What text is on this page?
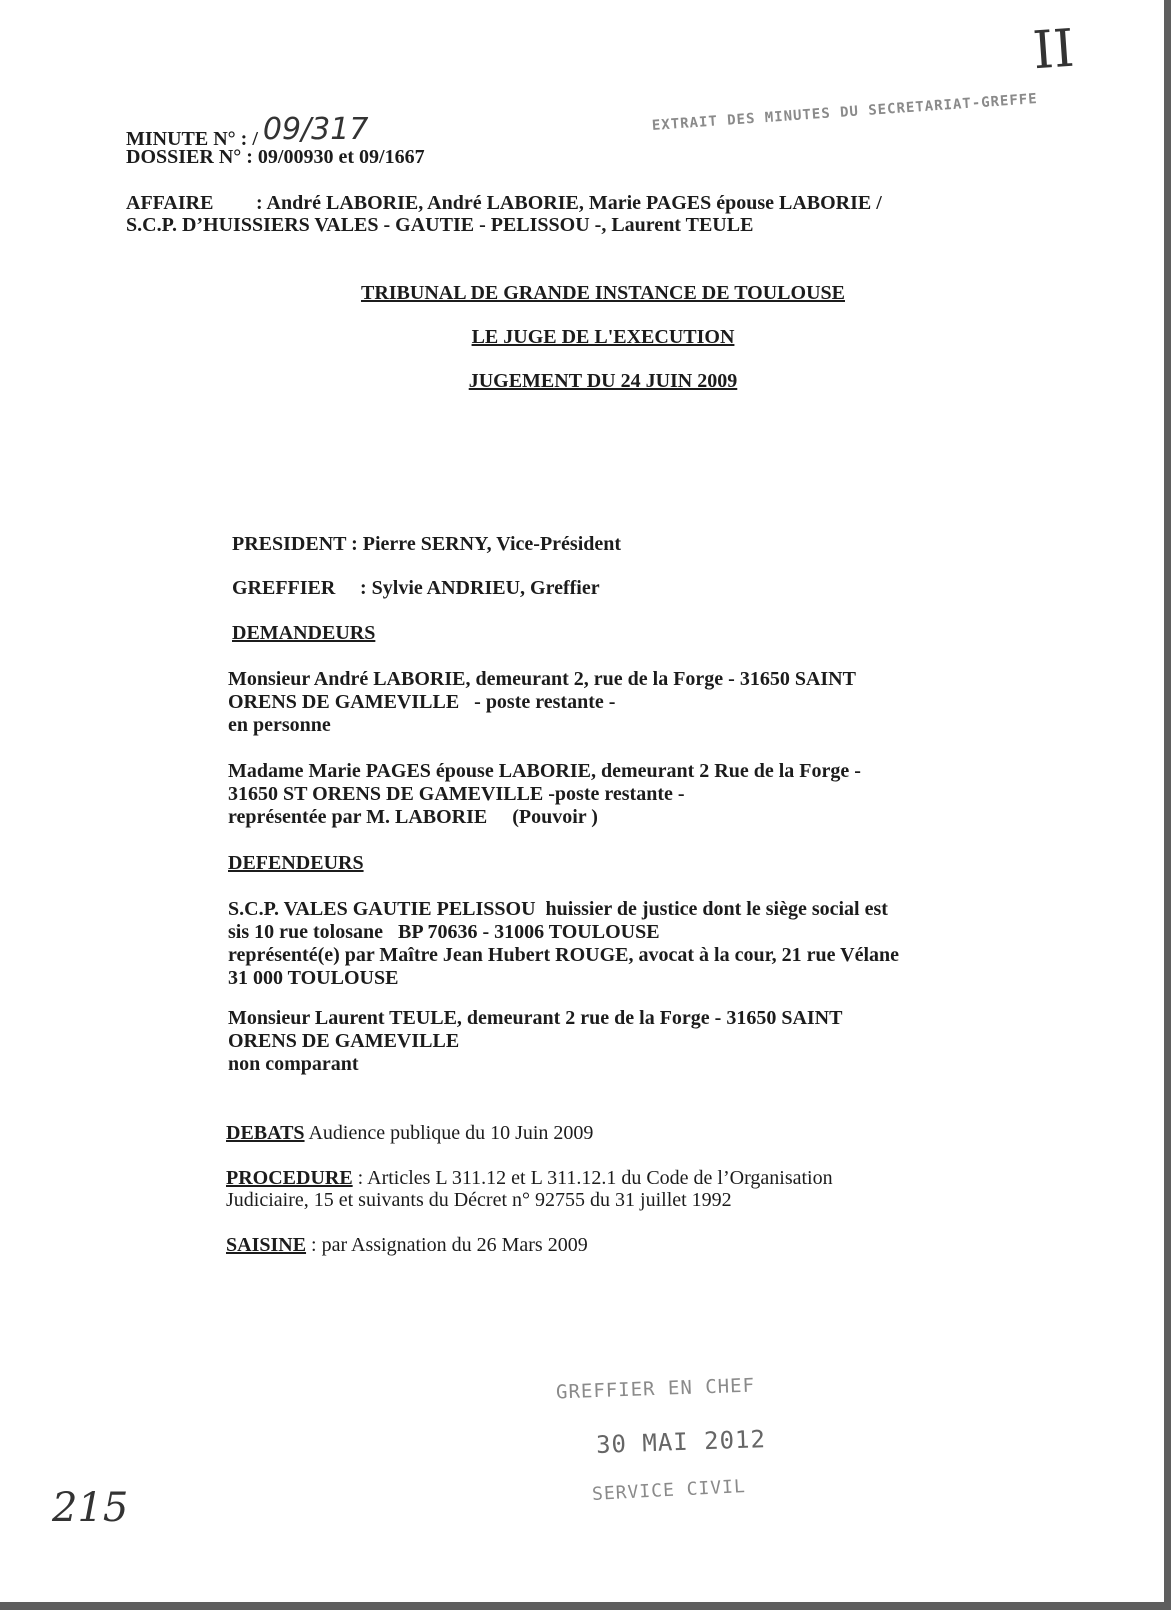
II
EXTRAIT DES MINUTES DU SECRETARIAT-GREFFE
MINUTE N° : / 09/317
DOSSIER N° : 09/00930 et 09/1667
AFFAIRE : André LABORIE, André LABORIE, Marie PAGES épouse LABORIE /
S.C.P. D’HUISSIERS VALES - GAUTIE - PELISSOU -, Laurent TEULE
TRIBUNAL DE GRANDE INSTANCE DE TOULOUSE
LE JUGE DE L'EXECUTION
JUGEMENT DU 24 JUIN 2009
PRESIDENT : Pierre SERNY, Vice-Président
GREFFIER : Sylvie ANDRIEU, Greffier
DEMANDEURS
Monsieur André LABORIE, demeurant 2, rue de la Forge - 31650 SAINT
ORENS DE GAMEVILLE   - poste restante -
en personne
Madame Marie PAGES épouse LABORIE, demeurant 2 Rue de la Forge -
31650 ST ORENS DE GAMEVILLE -poste restante -
représentée par M. LABORIE     (Pouvoir )
DEFENDEURS
S.C.P. VALES GAUTIE PELISSOU  huissier de justice dont le siège social est
sis 10 rue tolosane   BP 70636 - 31006 TOULOUSE
représenté(e) par Maître Jean Hubert ROUGE, avocat à la cour, 21 rue Vélane
31 000 TOULOUSE
Monsieur Laurent TEULE, demeurant 2 rue de la Forge - 31650 SAINT
ORENS DE GAMEVILLE
non comparant
DEBATS Audience publique du 10 Juin 2009
PROCEDURE : Articles L 311.12 et L 311.12.1 du Code de l’Organisation
Judiciaire, 15 et suivants du Décret n° 92755 du 31 juillet 1992
SAISINE : par Assignation du 26 Mars 2009
GREFFIER EN CHEF
30 MAI 2012
SERVICE CIVIL
215
